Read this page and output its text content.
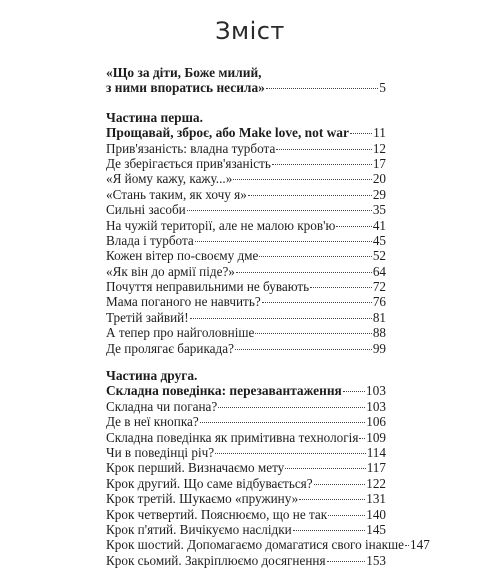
Зміст
«Що за діти, Боже милий,
з ними впоратись несила»	5
Частина перша.
Прощавай, зброє, або Make love, not war 11
Прив'язаність: владна турбота	12
Де зберігається прив'язаність	17
«Я йому кажу, кажу...»	20
«Стань таким, як хочу я»	29
Сильні засоби	35
На чужій території, але не малою кров'ю	41
Влада і турбота	45
Кожен вітер по-своєму дме	52
«Як він до армії піде?»	64
Почуття неправильними не бувають	72
Мама поганого не навчить?	76
Третій зайвий!	81
А тепер про найголовніше	88
Де пролягає барикада?	99
Частина друга.
Складна поведінка: перезавантаження 103
Складна чи погана?	103
Де в неї кнопка?	106
Складна поведінка як примітивна технологія 109
Чи в поведінці річ?	114
Крок перший. Визначаємо мету	117
Крок другий. Що саме відбувається?	122
Крок третій. Шукаємо «пружину»	131
Крок четвертий. Пояснюємо, що не так	140
Крок п'ятий. Вичікуємо наслідки	145
Крок шостий. Допомагаємо домагатися свого інакше 147
Крок сьомий. Закріплюємо досягнення	153
